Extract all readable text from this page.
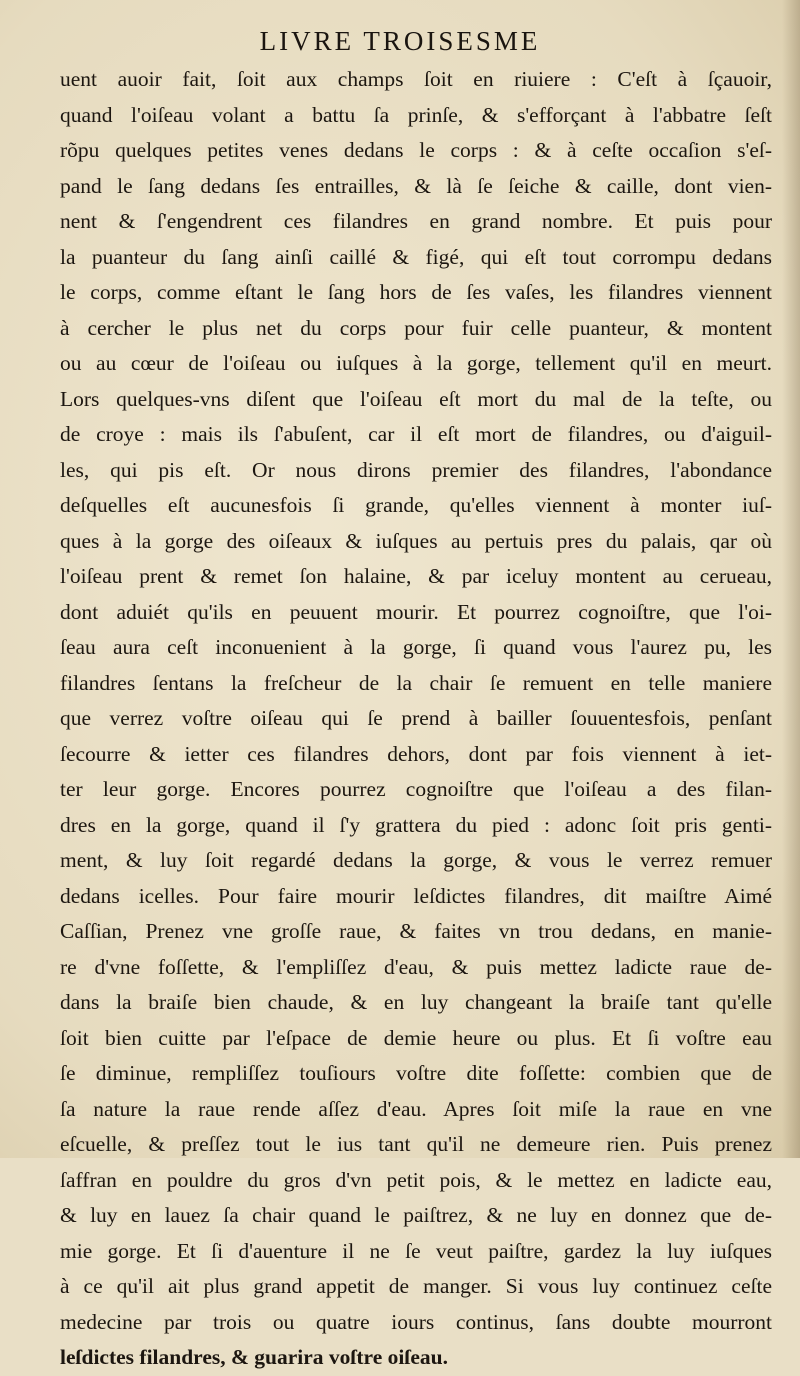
LIVRE TROISESME
uent auoir fait, ſoit aux champs ſoit en riuiere : C'eſt à ſçauoir,
quand l'oiſeau volant a battu ſa prinſe, & s'efforçant à l'abbatre ſeſt
rõpu quelques petites venes dedans le corps : & à ceſte occaſion s'eſ-
pand le ſang dedans ſes entrailles, & là ſe ſeiche & caille, dont vien-
nent & ſ'engendrent ces filandres en grand nombre. Et puis pour
la puanteur du ſang ainſi caillé & figé, qui eſt tout corrompu dedans
le corps, comme eſtant le ſang hors de ſes vaſes, les filandres viennent
à cercher le plus net du corps pour fuir celle puanteur, & montent
ou au cœur de l'oiſeau ou iuſques à la gorge, tellement qu'il en meurt.
Lors quelques-vns diſent que l'oiſeau eſt mort du mal de la teſte, ou
de croye : mais ils ſ'abuſent, car il eſt mort de filandres, ou d'aiguil-
les, qui pis eſt. Or nous dirons premier des filandres, l'abondance
deſquelles eſt aucunesfois ſi grande, qu'elles viennent à monter iuſ-
ques à la gorge des oiſeaux & iuſques au pertuis pres du palais, qar où
l'oiſeau prent & remet ſon halaine, & par iceluy montent au cerueau,
dont aduiét qu'ils en peuuent mourir. Et pourrez cognoiſtre, que l'oi-
ſeau aura ceſt inconuenient à la gorge, ſi quand vous l'aurez pu, les
filandres ſentans la freſcheur de la chair ſe remuent en telle maniere
que verrez voſtre oiſeau qui ſe prend à bailler ſouuentesfois, penſant
ſecourre & ietter ces filandres dehors, dont par fois viennent à iet-
ter leur gorge. Encores pourrez cognoiſtre que l'oiſeau a des filan-
dres en la gorge, quand il ſ'y grattera du pied : adonc ſoit pris genti-
ment, & luy ſoit regardé dedans la gorge, & vous le verrez remuer
dedans icelles. Pour faire mourir leſdictes filandres, dit maiſtre Aimé
Caſſian, Prenez vne groſſe raue, & faites vn trou dedans, en manie-
re d'vne foſſette, & l'empliſſez d'eau, & puis mettez ladicte raue de-
dans la braiſe bien chaude, & en luy changeant la braiſe tant qu'elle
ſoit bien cuitte par l'eſpace de demie heure ou plus. Et ſi voſtre eau
ſe diminue, rempliſſez touſiours voſtre dite foſſette: combien que de
ſa nature la raue rende aſſez d'eau. Apres ſoit miſe la raue en vne
eſcuelle, & preſſez tout le ius tant qu'il ne demeure rien. Puis prenez
ſaffran en pouldre du gros d'vn petit pois, & le mettez en ladicte eau,
& luy en lauez ſa chair quand le paiſtrez, & ne luy en donnez que de-
mie gorge. Et ſi d'auenture il ne ſe veut paiſtre, gardez la luy iuſques
à ce qu'il ait plus grand appetit de manger. Si vous luy continuez ceſte
medecine par trois ou quatre iours continus, ſans doubte mourront
leſdictes filandres, & guarira voſtre oiſeau.
